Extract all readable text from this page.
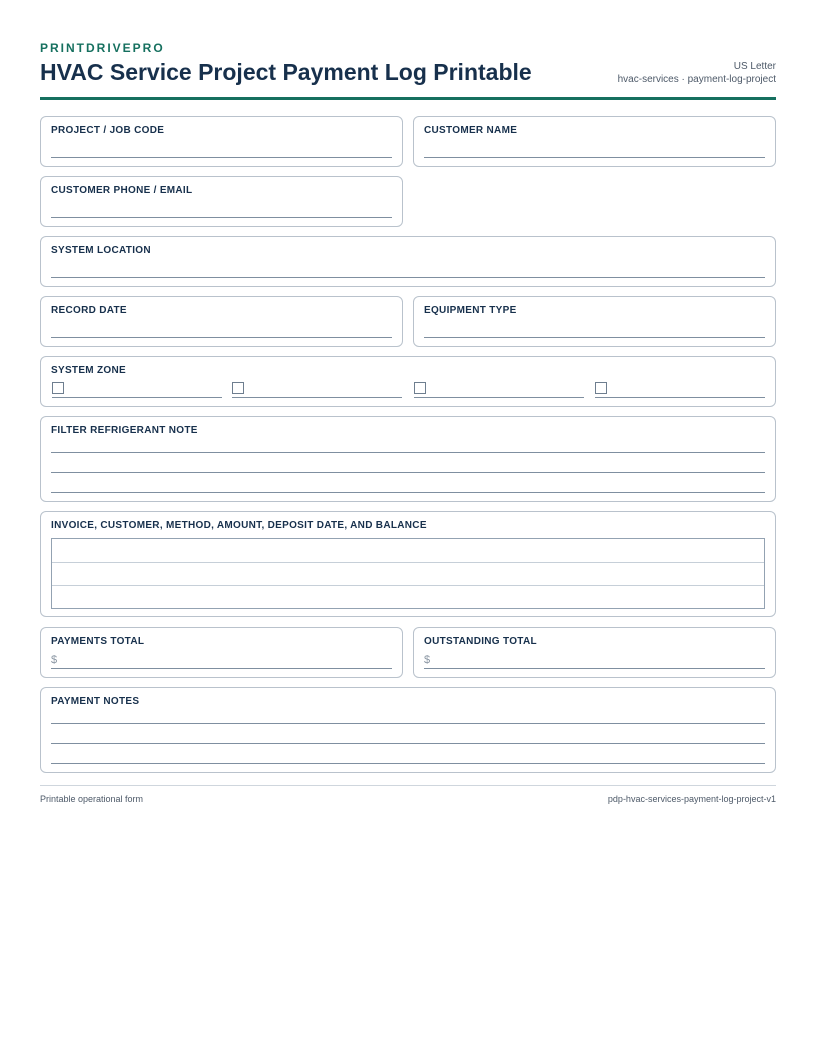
PRINTDRIVEPRO
HVAC Service Project Payment Log Printable	US Letter
hvac-services · payment-log-project
PROJECT / JOB CODE	CUSTOMER NAME
CUSTOMER PHONE / EMAIL
SYSTEM LOCATION
RECORD DATE	EQUIPMENT TYPE
SYSTEM ZONE
FILTER REFRIGERANT NOTE
INVOICE, CUSTOMER, METHOD, AMOUNT, DEPOSIT DATE, AND BALANCE
PAYMENTS TOTAL
$
OUTSTANDING TOTAL
$
PAYMENT NOTES
Printable operational form	pdp-hvac-services-payment-log-project-v1
